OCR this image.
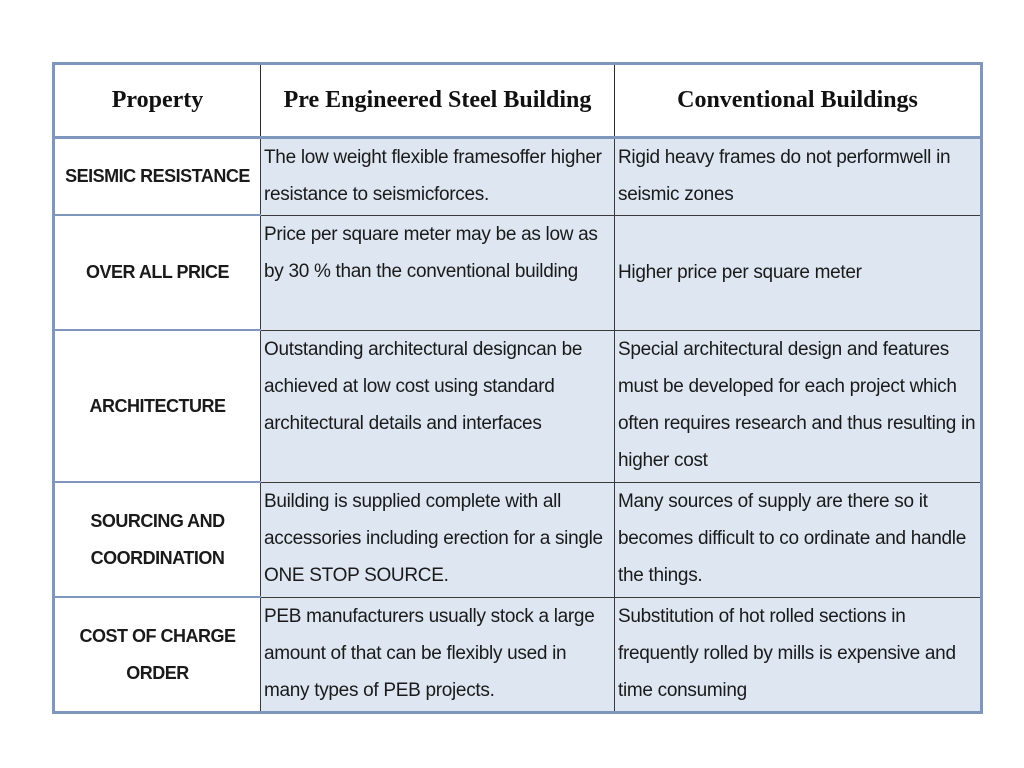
Property	Pre Engineered Steel Building	Conventional Buildings
SEISMIC RESISTANCE	The low weight flexible framesoffer higher resistance to seismicforces.	Rigid heavy frames do not performwell in seismic zones
OVER ALL PRICE	Price per square meter may be as low as by 30 % than the conventional building	Higher price per square meter
ARCHITECTURE	Outstanding architectural designcan be achieved at low cost using standard architectural details and interfaces	Special architectural design and features must be developed for each project which often requires research and thus resulting in higher cost
SOURCING AND COORDINATION	Building is supplied complete with all accessories including erection for a single ONE STOP SOURCE.	Many sources of supply are there so it becomes difficult to co ordinate and handle the things.
COST OF CHARGE ORDER	PEB manufacturers usually stock a large amount of that can be flexibly used in many types of PEB projects.	Substitution of hot rolled sections in frequently rolled by mills is expensive and time consuming
